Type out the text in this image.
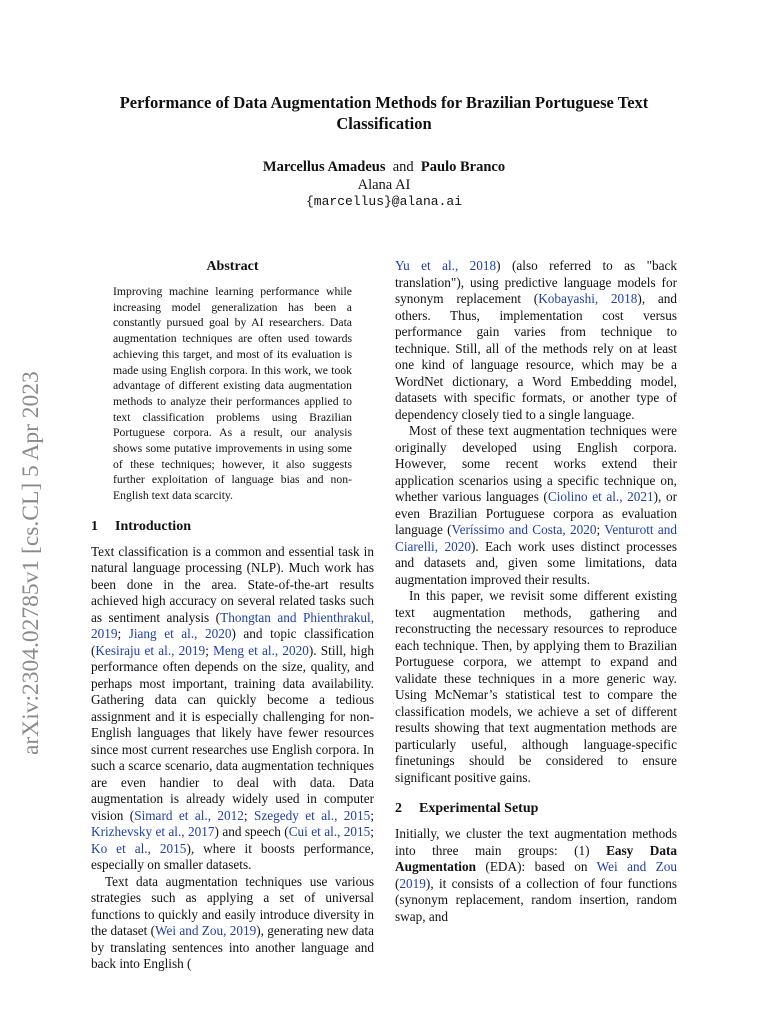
arXiv:2304.02785v1 [cs.CL] 5 Apr 2023
Performance of Data Augmentation Methods for Brazilian Portuguese Text Classification
Marcellus Amadeus and Paulo Branco
Alana AI
{marcellus}@alana.ai
Abstract

Improving machine learning performance while increasing model generalization has been a constantly pursued goal by AI researchers. Data augmentation techniques are often used towards achieving this target, and most of its evaluation is made using English corpora. In this work, we took advantage of different existing data augmentation methods to analyze their performances applied to text classification problems using Brazilian Portuguese corpora. As a result, our analysis shows some putative improvements in using some of these techniques; however, it also suggests further exploitation of language bias and non-English text data scarcity.

1 Introduction

Text classification is a common and essential task in natural language processing (NLP). Much work has been done in the area. State-of-the-art results achieved high accuracy on several related tasks such as sentiment analysis (Thongtan and Phienthrakul, 2019; Jiang et al., 2020) and topic classification (Kesiraju et al., 2019; Meng et al., 2020). Still, high performance often depends on the size, quality, and perhaps most important, training data availability. Gathering data can quickly become a tedious assignment and it is especially challenging for non-English languages that likely have fewer resources since most current researches use English corpora. In such a scarce scenario, data augmentation techniques are even handier to deal with data. Data augmentation is already widely used in computer vision (Simard et al., 2012; Szegedy et al., 2015; Krizhevsky et al., 2017) and speech (Cui et al., 2015; Ko et al., 2015), where it boosts performance, especially on smaller datasets.

Text data augmentation techniques use various strategies such as applying a set of universal functions to quickly and easily introduce diversity in the dataset (Wei and Zou, 2019), generating new data by translating sentences into another language and back into English (

Yu et al., 2018) (also referred to as "back translation"), using predictive language models for synonym replacement (Kobayashi, 2018), and others. Thus, implementation cost versus performance gain varies from technique to technique. Still, all of the methods rely on at least one kind of language resource, which may be a WordNet dictionary, a Word Embedding model, datasets with specific formats, or another type of dependency closely tied to a single language.

Most of these text augmentation techniques were originally developed using English corpora. However, some recent works extend their application scenarios using a specific technique on, whether various languages (Ciolino et al., 2021), or even Brazilian Portuguese corpora as evaluation language (Veríssimo and Costa, 2020; Venturott and Ciarelli, 2020). Each work uses distinct processes and datasets and, given some limitations, data augmentation improved their results.

In this paper, we revisit some different existing text augmentation methods, gathering and reconstructing the necessary resources to reproduce each technique. Then, by applying them to Brazilian Portuguese corpora, we attempt to expand and validate these techniques in a more generic way. Using McNemar’s statistical test to compare the classification models, we achieve a set of different results showing that text augmentation methods are particularly useful, although language-specific finetunings should be considered to ensure significant positive gains.

2 Experimental Setup

Initially, we cluster the text augmentation methods into three main groups: (1) Easy Data Augmentation (EDA): based on Wei and Zou (2019), it consists of a collection of four functions (synonym replacement, random insertion, random swap, and
